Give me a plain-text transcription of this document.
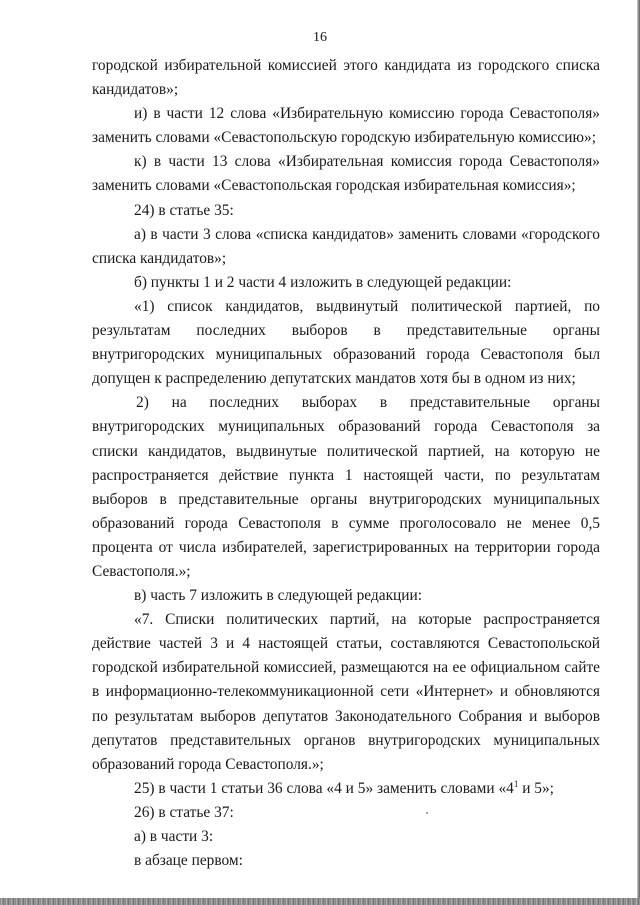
16

городской избирательной комиссией этого кандидата из городского списка кандидатов»;

и) в части 12 слова «Избирательную комиссию города Севастополя» заменить словами «Севастопольскую городскую избирательную комиссию»;

к) в части 13 слова «Избирательная комиссия города Севастополя» заменить словами «Севастопольская городская избирательная комиссия»;

24) в статье 35:

а) в части 3 слова «списка кандидатов» заменить словами «городского списка кандидатов»;

б) пункты 1 и 2 части 4 изложить в следующей редакции:

«1) список кандидатов, выдвинутый политической партией, по результатам последних выборов в представительные органы внутригородских муниципальных образований города Севастополя был допущен к распределению депутатских мандатов хотя бы в одном из них;

2) на последних выборах в представительные органы внутригородских муниципальных образований города Севастополя за списки кандидатов, выдвинутые политической партией, на которую не распространяется действие пункта 1 настоящей части, по результатам выборов в представительные органы внутригородских муниципальных образований города Севастополя в сумме проголосовало не менее 0,5 процента от числа избирателей, зарегистрированных на территории города Севастополя.»;

в) часть 7 изложить в следующей редакции:

«7. Списки политических партий, на которые распространяется действие частей 3 и 4 настоящей статьи, составляются Севастопольской городской избирательной комиссией, размещаются на ее официальном сайте в информационно-телекоммуникационной сети «Интернет» и обновляются по результатам выборов депутатов Законодательного Собрания и выборов депутатов представительных органов внутригородских муниципальных образований города Севастополя.»;

25) в части 1 статьи 36 слова «4 и 5» заменить словами «$4^1$ и 5»;

26) в статье 37:

а) в части 3:

в абзаце первом:
